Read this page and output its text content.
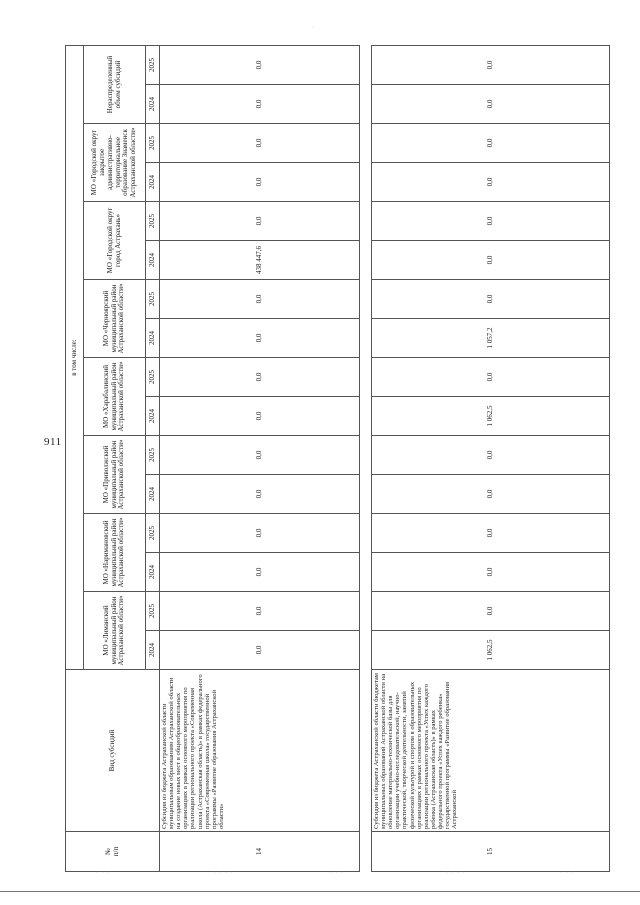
911
·
№
п/п	Вид субсидий	в том числе:															
		МО «Лиманский муниципальный район Астраханской области»		МО «Наримановский муниципальный район Астраханской области»		МО «Приволжский муниципальный район Астраханской области»		МО «Харабалинский муниципальный район Астраханской области»		МО «Черноярский муниципальный район Астраханской области»		МО «Городской округ город Астрахань»		МО «Городской округ закрытое административно-территориальное образование Знаменск Астраханской области»		Нераспределенный объем субсидий	
		2024	2025	2024	2025	2024	2025	2024	2025	2024	2025	2024	2025	2024	2025	2024	2025
14	Субсидия из бюджета Астраханской области муниципальным образованиям Астраханской области на создание новых мест в общеобразовательных организациях в рамках основного мероприятия по реализации регионального проекта «Современная школа (Астраханская область)» в рамках федерального проекта «Современная школа» государственной программы «Развитие образования Астраханской области»	0,0	0,0	0,0	0,0	0,0	0,0	0,0	0,0	0,0	0,0	438 447,6	0,0	0,0	0,0	0,0	0,0

15	Субсидия из бюджета Астраханской области бюджетам муниципальных образований Астраханской области на обновление материально-технической базы для организации учебно-исследовательской, научно-практической, творческой деятельности, занятий физической культурой и спортом в образовательных организациях в рамках основного мероприятия по реализации регионального проекта «Успех каждого ребенка (Астраханская область)» в рамках федерального проекта «Успех каждого ребенка» государственной программы «Развитие образования Астраханской	1 062,5	0,0	0,0	0,0	0,0	0,0	1 062,5	0,0	1 057,2	0,0	0,0	0,0	0,0	0,0	0,0	0,0
· · ·	· · · ·	· · ·	· · · ·	· · ·
